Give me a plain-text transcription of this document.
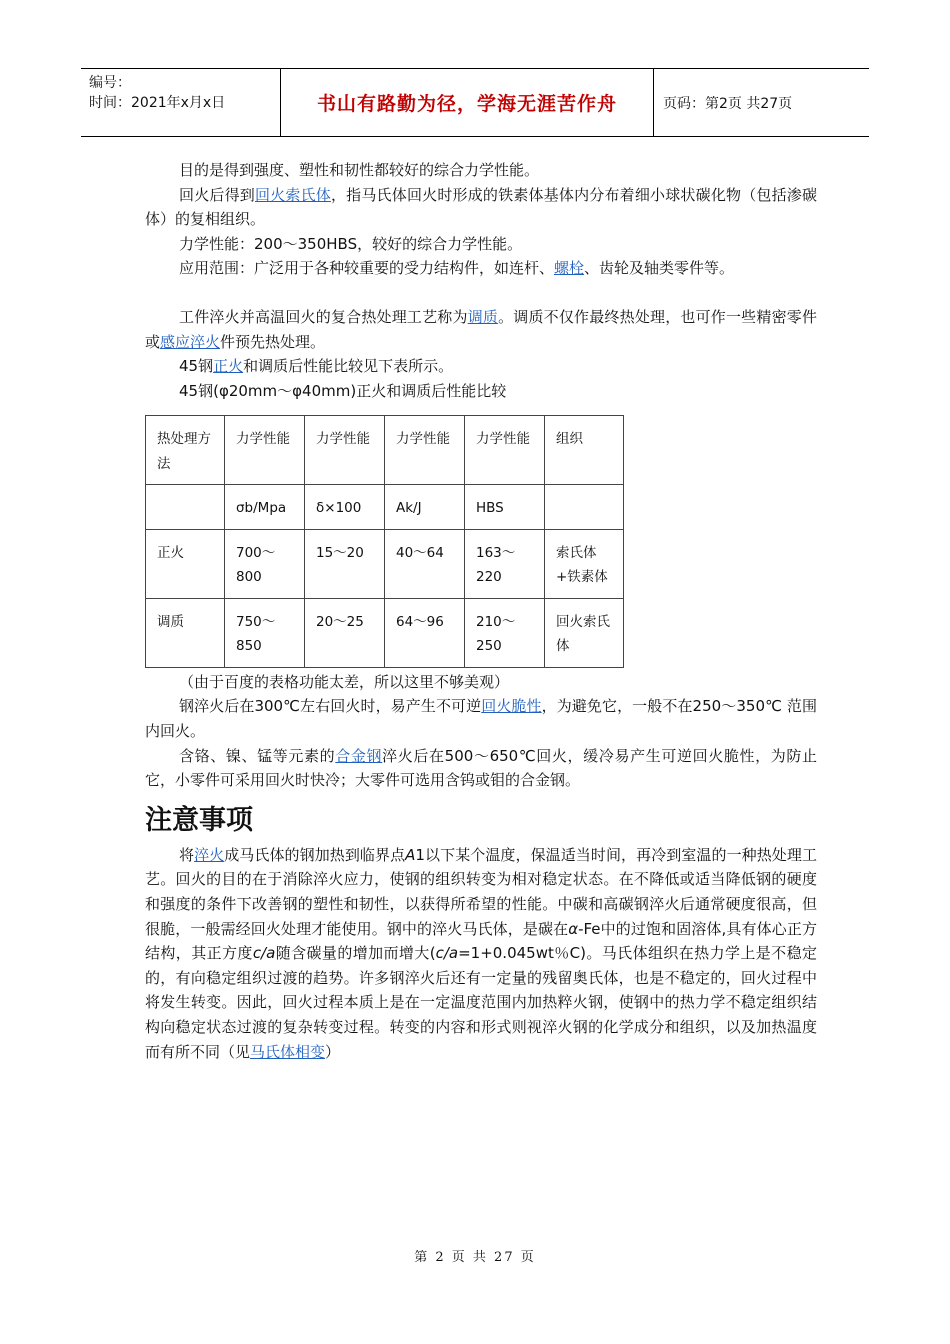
编号：
时间：2021年x月x日	书山有路勤为径，学海无涯苦作舟	页码：第2页 共27页

目的是得到强度、塑性和韧性都较好的综合力学性能。

回火后得到回火索氏体，指马氏体回火时形成的铁素体基体内分布着细小球状碳化物（包括渗碳体）的复相组织。

力学性能：200～350HBS，较好的综合力学性能。

应用范围：广泛用于各种较重要的受力结构件，如连杆、螺栓、齿轮及轴类零件等。

工件淬火并高温回火的复合热处理工艺称为调质。调质不仅作最终热处理，也可作一些精密零件或感应淬火件预先热处理。

45钢正火和调质后性能比较见下表所示。

45钢(φ20mm～φ40mm)正火和调质后性能比较

热处理方法	力学性能	力学性能	力学性能	力学性能	组织
	σb/Mpa	δ×100	Ak/J	HBS	
正火	700～800	15～20	40～64	163～220	索氏体+铁素体
调质	750～850	20～25	64～96	210～250	回火索氏体

（由于百度的表格功能太差，所以这里不够美观）

钢淬火后在300℃左右回火时，易产生不可逆回火脆性，为避免它，一般不在250～350℃ 范围内回火。

含铬、镍、锰等元素的合金钢淬火后在500～650℃回火，缓冷易产生可逆回火脆性，为防止它，小零件可采用回火时快冷；大零件可选用含钨或钼的合金钢。

注意事项

将淬火成马氏体的钢加热到临界点A1以下某个温度，保温适当时间，再冷到室温的一种热处理工艺。回火的目的在于消除淬火应力，使钢的组织转变为相对稳定状态。在不降低或适当降低钢的硬度和强度的条件下改善钢的塑性和韧性，以获得所希望的性能。中碳和高碳钢淬火后通常硬度很高，但很脆，一般需经回火处理才能使用。钢中的淬火马氏体，是碳在α-Fe中的过饱和固溶体,具有体心正方结构，其正方度c/a随含碳量的增加而增大(c/a=1+0.045wt％C)。马氏体组织在热力学上是不稳定的，有向稳定组织过渡的趋势。许多钢淬火后还有一定量的残留奥氏体，也是不稳定的，回火过程中将发生转变。因此，回火过程本质上是在一定温度范围内加热粹火钢，使钢中的热力学不稳定组织结构向稳定状态过渡的复杂转变过程。转变的内容和形式则视淬火钢的化学成分和组织，以及加热温度而有所不同（见马氏体相变）

第 2 页 共 27 页
